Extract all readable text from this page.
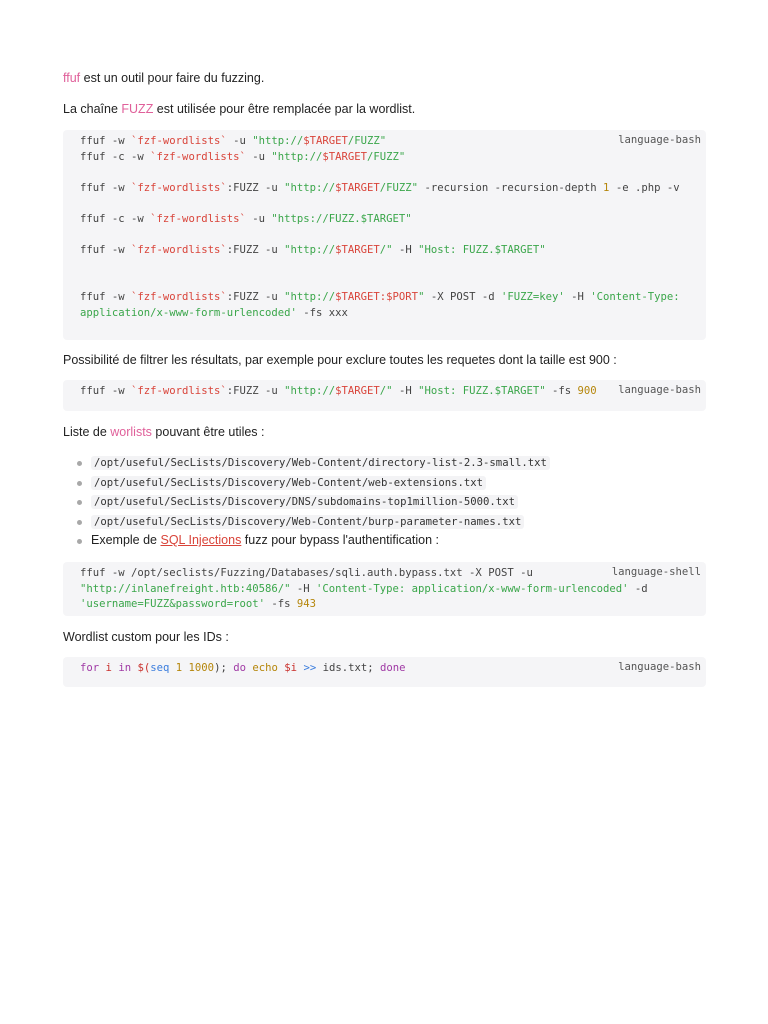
ffuf est un outil pour faire du fuzzing.

La chaîne FUZZ est utilisée pour être remplacée par la wordlist.

language-bash
ffuf -w `fzf-wordlists` -u "http://$TARGET/FUZZ"
ffuf -c -w `fzf-wordlists` -u "http://$TARGET/FUZZ"

ffuf -w `fzf-wordlists`:FUZZ -u "http://$TARGET/FUZZ" -recursion -recursion-depth 1 -e .php -v

ffuf -c -w `fzf-wordlists` -u "https://FUZZ.$TARGET"

ffuf -w `fzf-wordlists`:FUZZ -u "http://$TARGET/" -H "Host: FUZZ.$TARGET"

ffuf -w `fzf-wordlists`:FUZZ -u "http://$TARGET:$PORT" -X POST -d 'FUZZ=key' -H 'Content-Type: application/x-www-form-urlencoded' -fs xxx

Possibilité de filtrer les résultats, par exemple pour exclure toutes les requetes dont la taille est 900 :

language-bash
ffuf -w `fzf-wordlists`:FUZZ -u "http://$TARGET/" -H "Host: FUZZ.$TARGET" -fs 900

Liste de worlists pouvant être utiles :

/opt/useful/SecLists/Discovery/Web-Content/directory-list-2.3-small.txt
/opt/useful/SecLists/Discovery/Web-Content/web-extensions.txt
/opt/useful/SecLists/Discovery/DNS/subdomains-top1million-5000.txt
/opt/useful/SecLists/Discovery/Web-Content/burp-parameter-names.txt
Exemple de SQL Injections fuzz pour bypass l'authentification :
language-shell
ffuf -w /opt/seclists/Fuzzing/Databases/sqli.auth.bypass.txt -X POST -u
"http://inlanefreight.htb:40586/" -H 'Content-Type: application/x-www-form-urlencoded' -d
'username=FUZZ&password=root' -fs 943

Wordlist custom pour les IDs :

language-bash
for i in $(seq 1 1000); do echo $i >> ids.txt; done
